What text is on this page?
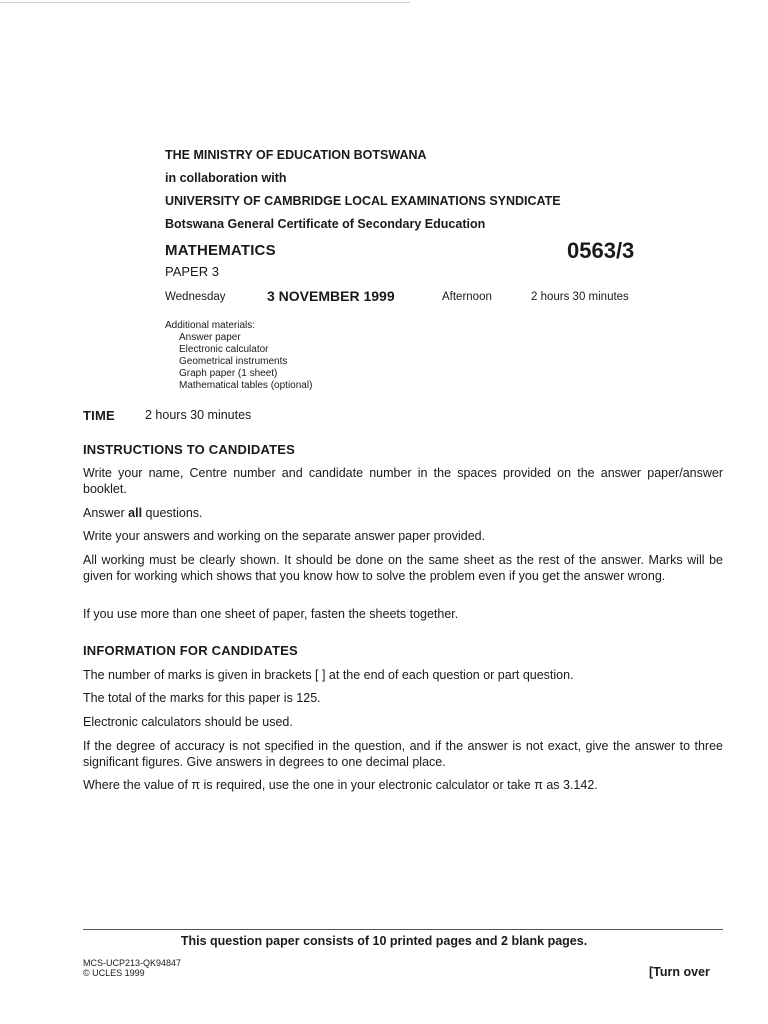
THE MINISTRY OF EDUCATION BOTSWANA
in collaboration with
UNIVERSITY OF CAMBRIDGE LOCAL EXAMINATIONS SYNDICATE
Botswana General Certificate of Secondary Education
MATHEMATICS	0563/3
PAPER 3
Wednesday	3 NOVEMBER 1999	Afternoon	2 hours 30 minutes
Additional materials:
Answer paper
Electronic calculator
Geometrical instruments
Graph paper (1 sheet)
Mathematical tables (optional)
TIME 2 hours 30 minutes
INSTRUCTIONS TO CANDIDATES
Write your name, Centre number and candidate number in the spaces provided on the answer paper/answer booklet.
Answer all questions.
Write your answers and working on the separate answer paper provided.
All working must be clearly shown. It should be done on the same sheet as the rest of the answer. Marks will be given for working which shows that you know how to solve the problem even if you get the answer wrong.
If you use more than one sheet of paper, fasten the sheets together.
INFORMATION FOR CANDIDATES
The number of marks is given in brackets [ ] at the end of each question or part question.
The total of the marks for this paper is 125.
Electronic calculators should be used.
If the degree of accuracy is not specified in the question, and if the answer is not exact, give the answer to three significant figures. Give answers in degrees to one decimal place.
Where the value of π is required, use the one in your electronic calculator or take π as 3.142.
This question paper consists of 10 printed pages and 2 blank pages.
MCS-UCP213-QK94847
© UCLES 1999	[Turn over
